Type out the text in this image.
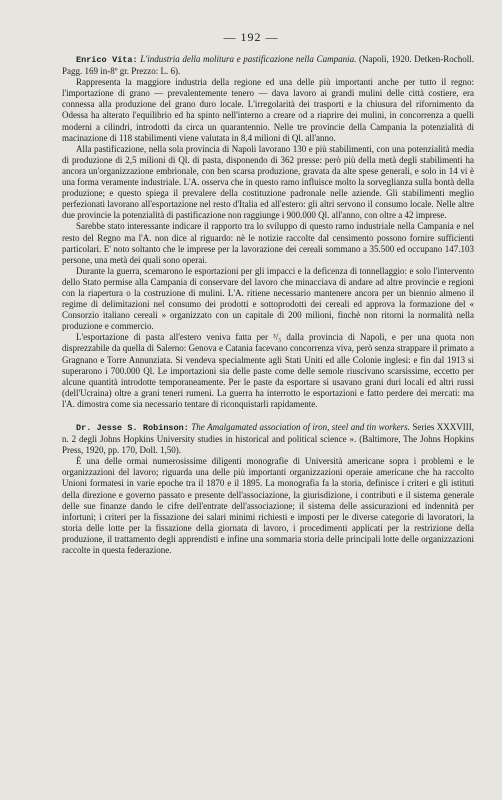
— 192 —

Enrico Vita: L'industria della molitura e pastificazione nella Campania. (Napoli, 1920. Detken-Rocholl. Pagg. 169 in-8º gr. Prezzo: L. 6).

Rappresenta la maggiore industria della regione ed una delle più importanti anche per tutto il regno: l'importazione di grano — prevalentemente tenero — dava lavoro ai grandi mulini delle città costiere, era connessa alla produzione del grano duro locale. L'irregolarità dei trasporti e la chiusura del rifornimento da Odessa ha alterato l'equilibrio ed ha spinto nell'interno a creare od a riaprire dei mulini, in concorrenza a quelli moderni a cilindri, introdotti da circa un quarantennio. Nelle tre provincie della Campania la potenzialità di macinazione di 118 stabilimenti viene valutata in 8,4 milioni di Ql. all'anno.

Alla pastificazione, nella sola provincia di Napoli lavorano 130 e più stabilimenti, con una potenzialità media di produzione di 2,5 milioni di Ql. di pasta, disponendo di 362 presse: però più della metà degli stabilimenti ha ancora un'organizzazione embrionale, con ben scarsa produzione, gravata da alte spese generali, e solo in 14 vi è una forma veramente industriale. L'A. osserva che in questo ramo influisce molto la sorveglianza sulla bontà della produzione; e questo spiega il prevalere della costituzione padronale nelle aziende. Gli stabilimenti meglio perfezionati lavorano all'esportazione nel resto d'Italia ed all'estero: gli altri servono il consumo locale. Nelle altre due provincie la potenzialità di pastificazione non raggiunge i 900.000 Ql. all'anno, con oltre a 42 imprese.

Sarebbe stato interessante indicare il rapporto tra lo sviluppo di questo ramo industriale nella Campania e nel resto del Regno ma l'A. non dice al riguardo: nè le notizie raccolte dal censimento possono fornire sufficienti particolari. E' noto soltanto che le imprese per la lavorazione dei cereali sommano a 35.500 ed occupano 147.103 persone, una metà dei quali sono operai.

Durante la guerra, scemarono le esportazioni per gli impacci e la deficenza di tonnellaggio: e solo l'intervento dello Stato permise alla Campania di conservare del lavoro che minacciava di andare ad altre provincie e regioni con la riapertura o la costruzione di mulini. L'A. ritiene necessario mantenere ancora per un biennio almeno il regime di delimitazioni nel consumo dei prodotti e sottoprodotti dei cereali ed approva la formazione del « Consorzio italiano cereali » organizzato con un capitale di 200 milioni, finchè non ritorni la normalità nella produzione e commercio.

L'esportazione di pasta all'estero veniva fatta per ³/₅ dalla provincia di Napoli, e per una quota non disprezzabile da quella di Salerno: Genova e Catania facevano concorrenza viva, però senza strappare il primato a Gragnano e Torre Annunziata. Si vendeva specialmente agli Stati Uniti ed alle Colonie inglesi: e fin dal 1913 si superarono i 700.000 Ql. Le importazioni sia delle paste come delle semole riuscivano scarsissime, eccetto per alcune quantità introdotte temporaneamente. Per le paste da esportare si usavano grani duri locali ed altri russi (dell'Ucraina) oltre a grani teneri rumeni. La guerra ha interrotto le esportazioni e fatto perdere dei mercati: ma l'A. dimostra come sia necessario tentare di riconquistarli rapidamente.

Dr. Jesse S. Robinson: The Amalgamated association of iron, steel and tin workers. Series XXXVIII, n. 2 degli Johns Hopkins University studies in historical and political science ». (Baltimore, The Johns Hopkins Press, 1920, pp. 170, Doll. 1,50).

È una delle ormai numerosissime diligenti monografie di Università americane sopra i problemi e le organizzazioni del lavoro; riguarda una delle più importanti organizzazioni operaie americane che ha raccolto Unioni formatesi in varie epoche tra il 1870 e il 1895. La monografia fa la storia, definisce i criteri e gli istituti della direzione e governo passato e presente dell'associazione, la giurisdizione, i contributi e il sistema generale delle sue finanze dando le cifre dell'entrate dell'associazione; il sistema delle assicurazioni ed indennità per infortuni; i criteri per la fissazione dei salari minimi richiesti e imposti per le diverse categorie di lavoratori, la storia delle lotte per la fissazione della giornata di lavoro, i procedimenti applicati per la restrizione della produzione, il trattamento degli apprendisti e infine una sommaria storia delle principali lotte delle organizzazioni raccolte in questa federazione.
